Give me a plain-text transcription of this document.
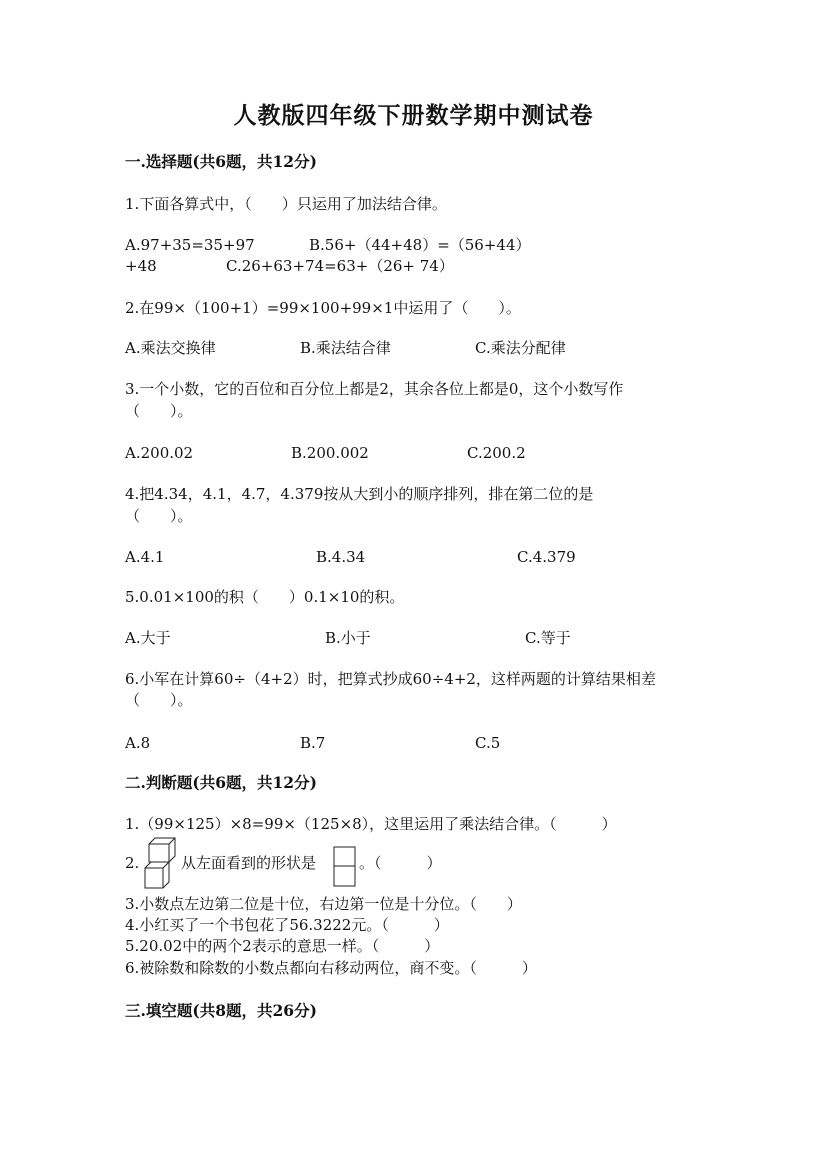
人教版四年级下册数学期中测试卷
一.选择题(共6题，共12分)
1.下面各算式中，（　　）只运用了加法结合律。
A.97+35=35+97	B.56+（44+48）=（56+44）
+48	C.26+63+74=63+（26+ 74）
2.在99×（100+1）=99×100+99×1中运用了（　　）。
A.乘法交换律	B.乘法结合律	C.乘法分配律
3.一个小数，它的百位和百分位上都是2，其余各位上都是0，这个小数写作
（　　）。
A.200.02	B.200.002	C.200.2
4.把4.34，4.1，4.7，4.379按从大到小的顺序排列，排在第二位的是
（　　）。
A.4.1	B.4.34	C.4.379
5.0.01×100的积（　　）0.1×10的积。
A.大于	B.小于	C.等于
6.小军在计算60÷（4+2）时，把算式抄成60÷4+2，这样两题的计算结果相差
（　　）。
A.8	B.7	C.5
二.判断题(共6题，共12分)
1.（99×125）×8=99×（125×8），这里运用了乘法结合律。（　　　）
2.	从左面看到的形状是	。（　　　）
3.小数点左边第二位是十位，右边第一位是十分位。（　　）
4.小红买了一个书包花了56.3222元。（　　　）
5.20.02中的两个2表示的意思一样。（　　　）
6.被除数和除数的小数点都向右移动两位，商不变。（　　　）
三.填空题(共8题，共26分)
